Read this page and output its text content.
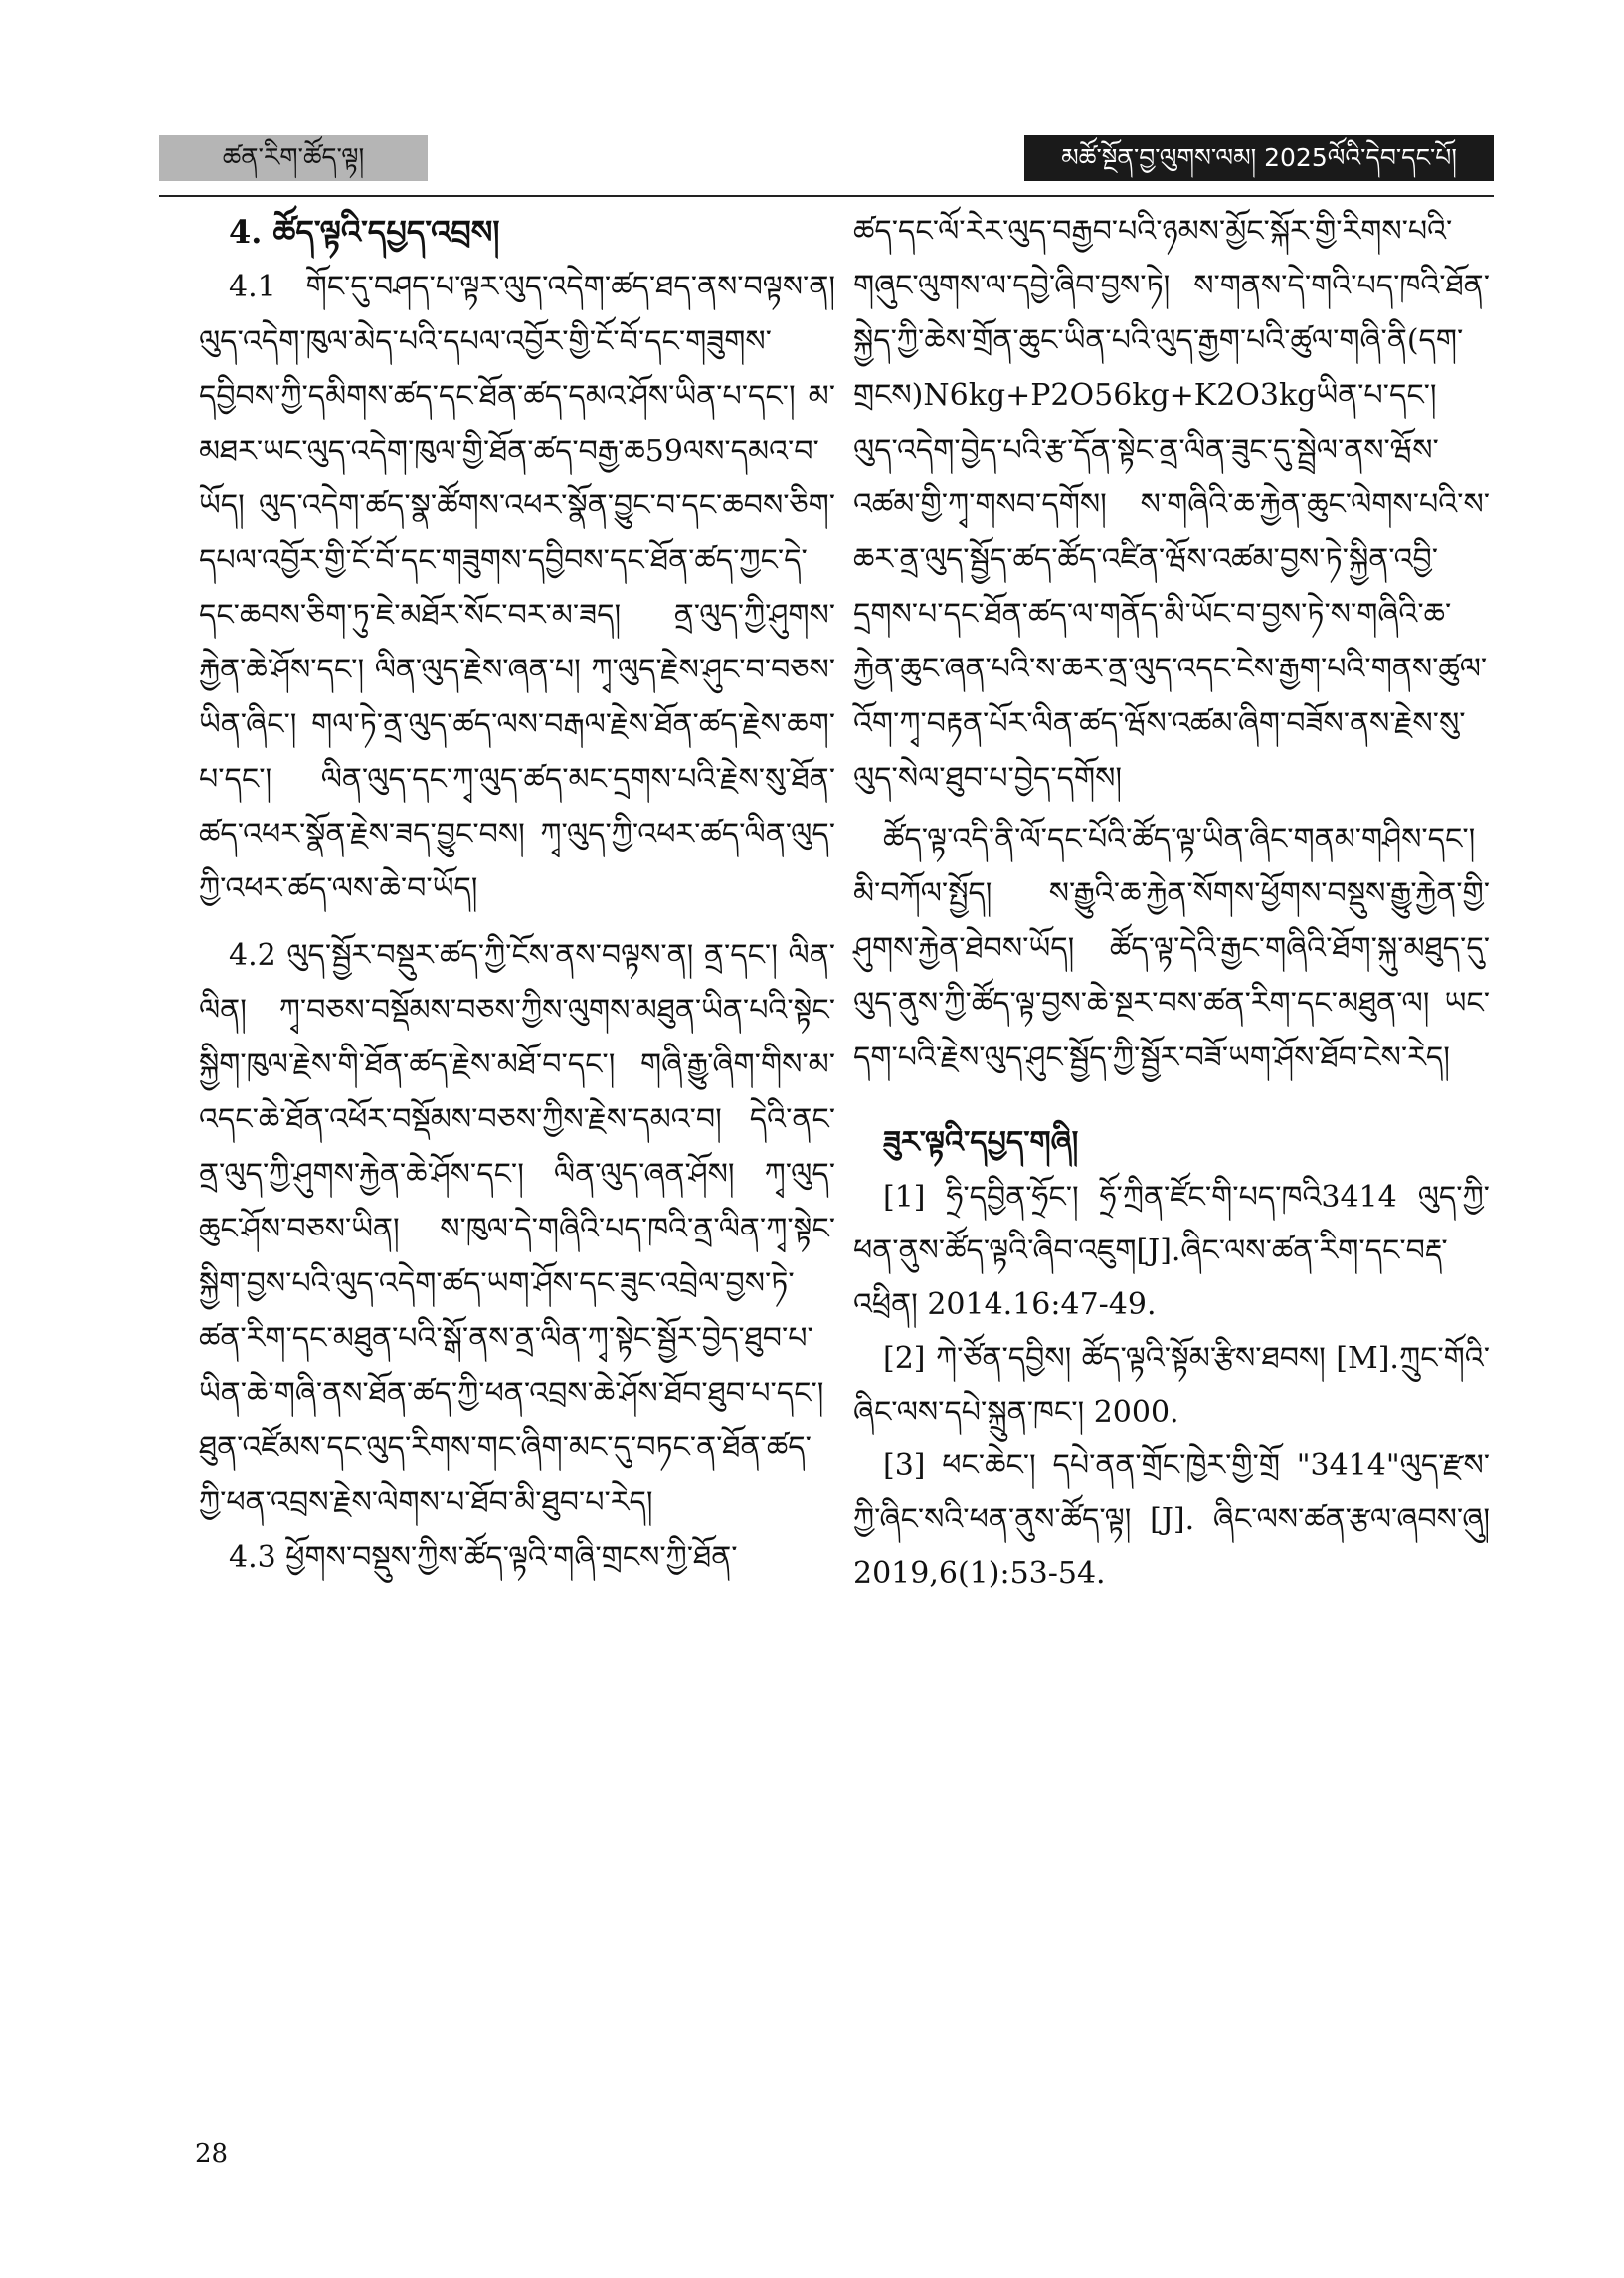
ཚན་རིག་ཚོད་ལྟ།	མཚོ་སྔོན་བྱ་ལུགས་ལམ། 2025ལོའི་དེབ་དང་པོ།

4. ཚོད་ལྟའི་དཔྱད་འབྲས།

4.1 གོང་དུ་བཤད་པ་ལྟར་ལུད་འདེག་ཚད་ཐད་ནས་བལྟས་ན། ལུད་འདེག་ཁུལ་མེད་པའི་དཔལ་འབྱོར་གྱི་ངོ་བོ་དང་གཟུགས་དབྱིབས་ཀྱི་དམིགས་ཚད་དང་ཐོན་ཚད་དམའ་ཤོས་ཡིན་པ་དང་། མ་མཐར་ཡང་ལུད་འདེག་ཁུལ་གྱི་ཐོན་ཚད་བརྒྱ་ཆ59ལས་དམའ་བ་ཡོད། ལུད་འདེག་ཚད་སྣ་ཚོགས་འཕར་སྣོན་བྱུང་བ་དང་ཆབས་ཅིག་དཔལ་འབྱོར་གྱི་ངོ་བོ་དང་གཟུགས་དབྱིབས་དང་ཐོན་ཚད་ཀྱང་དེ་དང་ཆབས་ཅིག་ཏུ་ཇེ་མཐོར་སོང་བར་མ་ཟད། ནྲ་ལུད་ཀྱི་ཤུགས་རྐྱེན་ཆེ་ཤོས་དང་། ལིན་ལུད་རྗེས་ཞན་པ། ཀྭ་ལུད་རྗེས་ཤུང་བ་བཅས་ཡིན་ཞིང་། གལ་ཏེ་ནྲ་ལུད་ཚད་ལས་བརྒལ་རྗེས་ཐོན་ཚད་རྗེས་ཆག་པ་དང་། ལིན་ལུད་དང་ཀྭ་ལུད་ཚད་མང་དྲགས་པའི་རྗེས་སུ་ཐོན་ཚད་འཕར་སྣོན་རྗེས་ཟད་བྱུང་བས། ཀྭ་ལུད་ཀྱི་འཕར་ཚད་ལིན་ལུད་ཀྱི་འཕར་ཚད་ལས་ཆེ་བ་ཡོད།

4.2 ལུད་སྦྱོར་བསྡུར་ཚད་ཀྱི་ངོས་ནས་བལྟས་ན། ནྲ་དང་། ལིན་ལིན། ཀྭ་བཅས་བསྡོམས་བཅས་ཀྱིས་ལུགས་མཐུན་ཡིན་པའི་སྟེང་སྐྱིག་ཁུལ་རྗེས་གི་ཐོན་ཚད་རྗེས་མཐོ་བ་དང་། གཞི་རྒྱུ་ཞིག་གིས་མ་འདང་ཆེ་ཐོན་འཕོར་བསྡོམས་བཅས་ཀྱིས་རྗེས་དམའ་བ། དེའི་ནང་ནྲ་ལུད་ཀྱི་ཤུགས་རྐྱེན་ཆེ་ཤོས་དང་། ལིན་ལུད་ཞན་ཤོས། ཀྭ་ལུད་ཆུང་ཤོས་བཅས་ཡིན། ས་ཁུལ་དེ་གཞིའི་པད་ཁའི་ནྲ་ལིན་ཀྭ་སྟེང་སྐྱིག་བྱས་པའི་ལུད་འདེག་ཚད་ཡག་ཤོས་དང་ཟུང་འབྲེལ་བྱས་ཏེ་ཚན་རིག་དང་མཐུན་པའི་སྒོ་ནས་ནྲ་ལིན་ཀྭ་སྟེང་སྦྱོར་བྱེད་ཐུབ་པ་ཡིན་ཆེ་གཞི་ནས་ཐོན་ཚད་ཀྱི་ཕན་འབྲས་ཆེ་ཤོས་ཐོབ་ཐུབ་པ་དང་། ཐུན་འཛོམས་དང་ལུད་རིགས་གང་ཞིག་མང་དུ་བཏང་ན་ཐོན་ཚད་ཀྱི་ཕན་འབྲས་རྗེས་ལེགས་པ་ཐོབ་མི་ཐུབ་པ་རེད།

4.3 ཕྱོགས་བསྡུས་ཀྱིས་ཚོད་ལྟའི་གཞི་གྲངས་ཀྱི་ཐོན་

ཚད་དང་ལོ་རེར་ལུད་བརྒྱབ་པའི་ཉམས་མྱོང་སྐོར་གྱི་རིགས་པའི་གཞུང་ལུགས་ལ་དབྱེ་ཞིབ་བྱས་ཏེ། ས་གནས་དེ་གའི་པད་ཁའི་ཐོན་སྐྱེད་ཀྱི་ཆེས་གྲོན་ཆུང་ཡིན་པའི་ལུད་རྒྱག་པའི་ཚུལ་གཞི་ནི(དག་གྲངས)N6kg+P2O56kg+K2O3kgཡིན་པ་དང་། ལུད་འདེག་བྱེད་པའི་རྩ་དོན་སྟེང་ནྲ་ལིན་ཟུང་དུ་སྦྲེལ་ནས་ཝོས་འཚམ་གྱི་ཀྭ་གསབ་དགོས། ས་གཞིའི་ཆ་རྐྱེན་ཆུང་ལེགས་པའི་ས་ཆར་ནྲ་ལུད་སྦྱོད་ཚད་ཚོད་འཛིན་ཝོས་འཚམ་བྱས་ཏེ་སྐྱིན་འབྱི་དྲགས་པ་དང་ཐོན་ཚད་ལ་གནོད་མི་ཡོང་བ་བྱས་ཏེ་ས་གཞིའི་ཆ་རྐྱེན་ཆུང་ཞན་པའི་ས་ཆར་ནྲ་ལུད་འདང་ངེས་རྒྱག་པའི་གནས་ཚུལ་འོག་ཀྭ་བརྟན་པོར་ལིན་ཚད་ཝོས་འཚམ་ཞིག་བཟོས་ནས་རྗེས་སུ་ལུད་སེལ་ཐུབ་པ་བྱེད་དགོས།

ཚོད་ལྟ་འདི་ནི་ལོ་དང་པོའི་ཚོད་ལྟ་ཡིན་ཞིང་གནམ་གཤིས་དང་། མི་བཀོལ་སྤྱོད། ས་རྒྱུའི་ཆ་རྐྱེན་སོགས་ཕྱོགས་བསྡུས་རྒྱུ་རྐྱེན་གྱི་ཤུགས་རྐྱེན་ཐེབས་ཡོད། ཚོད་ལྟ་དེའི་རྒྱང་གཞིའི་ཐོག་སྐུ་མཐུད་དུ་ལུད་ནུས་ཀྱི་ཚོད་ལྟ་བྱས་ཆེ་སྔར་བས་ཚན་རིག་དང་མཐུན་ལ། ཡང་དག་པའི་རྗེས་ལུད་ཤུང་སྦྱོད་ཀྱི་སྦྱོར་བཟོ་ཡག་ཤོས་ཐོབ་ངེས་རེད།

ཟུར་ལྟའི་དཔྱད་གཞི།

[1] ཧྲི་དབྱིན་ཧྲོང་། ཧྲོ་ཀྲིན་ཛོང་གི་པད་ཁའི3414 ལུད་ཀྱི་ཕན་ནུས་ཚོད་ལྟའི་ཞིབ་འཇུག[J].ཞིང་ལས་ཚན་རིག་དང་བརྡ་འཕྲིན། 2014.16:47-49.

[2] ཀེ་ཙོན་དབྱིས། ཚོད་ལྟའི་སྟོམ་རྩིས་ཐབས། [M].ཀྲུང་གོའི་ཞིང་ལས་དཔེ་སྐྲུན་ཁང་། 2000.

[3] ཕང་ཆེང་། དཔེ་ནན་གྲོང་ཁྱེར་གྱི་གྲོ "3414"ལུད་རྫས་ཀྱི་ཞིང་སའི་ཕན་ནུས་ཚོད་ལྟ། [J]. ཞིང་ལས་ཚན་རྩལ་ཞབས་ཞུ། 2019,6(1):53-54.

28
